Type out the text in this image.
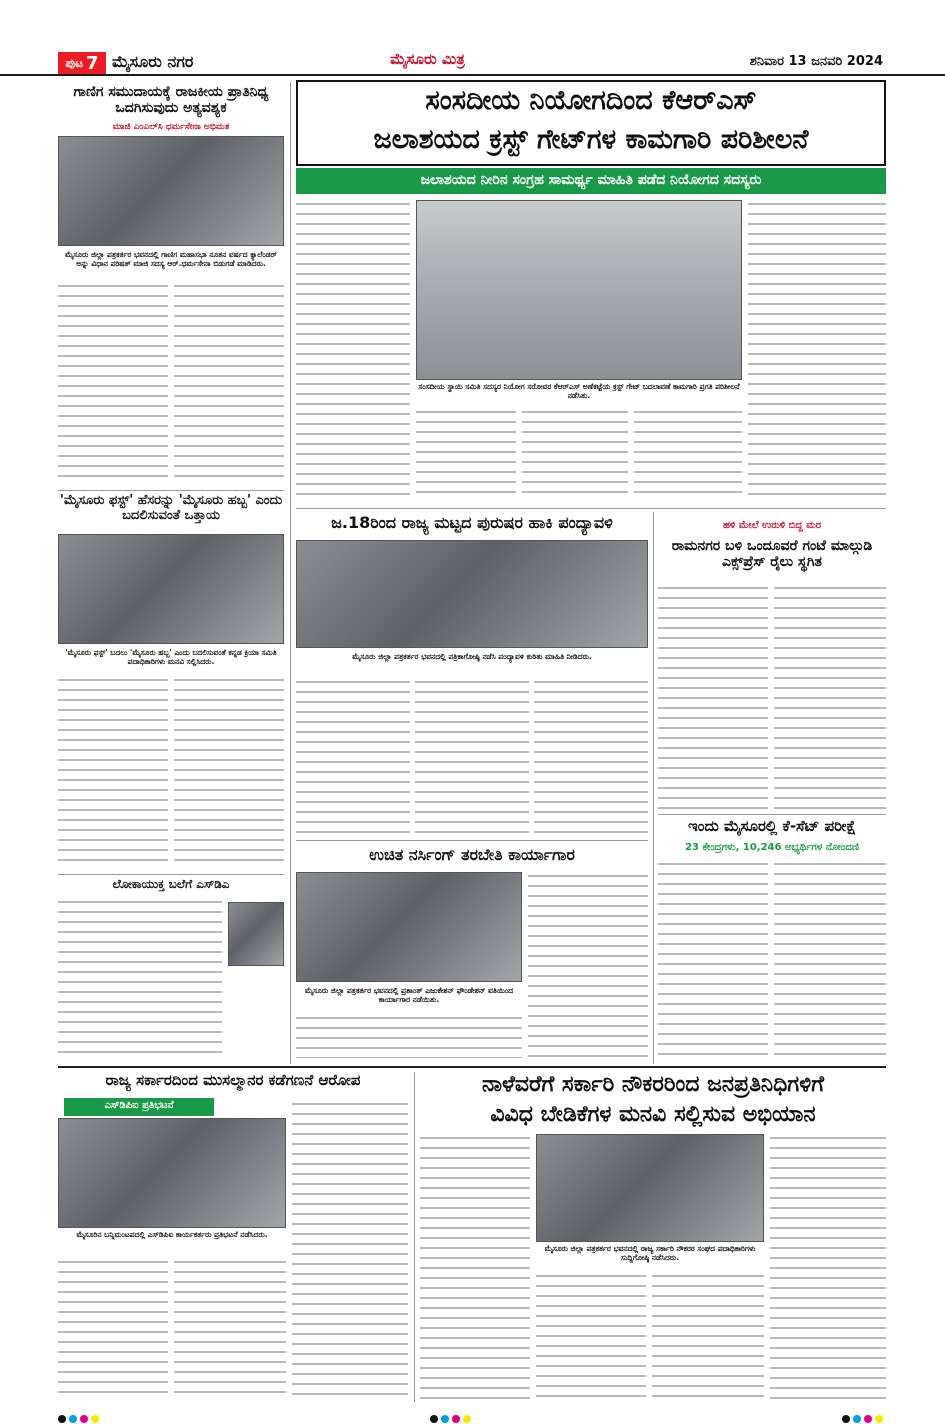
ಪುಟ 7 ಮೈಸೂರು ನಗರ	ಮೈಸೂರು ಮಿತ್ರ	ಶನಿವಾರ 13 ಜನವರಿ 2024
ಗಾಣಿಗ ಸಮುದಾಯಕ್ಕೆ ರಾಜಕೀಯ ಪ್ರಾತಿನಿಧ್ಯ ಒದಗಿಸುವುದು ಅತ್ಯವಶ್ಯಕ
ಮಾಜಿ ಎಂಎಲ್‌ಸಿ ಧರ್ಮಸೇನಾ ಅಭಿಮತ
ಮೈಸೂರು ಜಿಲ್ಲಾ ಪತ್ರಕರ್ತರ ಭವನದಲ್ಲಿ ಗಾಣಿಗ ಮಹಾಸಭಾ ನೂತನ ವರ್ಷದ ಕ್ಯಾಲೆಂಡರ್ ಅನ್ನು ವಿಧಾನ ಪರಿಷತ್ ಮಾಜಿ ಸದಸ್ಯ ಆರ್.ಧರ್ಮಸೇನಾ ಬಿಡುಗಡೆ ಮಾಡಿದರು.
'ಮೈಸೂರು ಫಸ್ಟ್' ಹೆಸರನ್ನು 'ಮೈಸೂರು ಹಬ್ಬ' ಎಂದು ಬದಲಿಸುವಂತೆ ಒತ್ತಾಯ
'ಮೈಸೂರು ಫಸ್ಟ್' ಬದಲು 'ಮೈಸೂರು ಹಬ್ಬ' ಎಂದು ಬದಲಿಸುವಂತೆ ಕನ್ನಡ ಕ್ರಿಯಾ ಸಮಿತಿ ಪದಾಧಿಕಾರಿಗಳು ಮನವಿ ಸಲ್ಲಿಸಿದರು.
ಲೋಕಾಯುಕ್ತ ಬಲೆಗೆ ಎಸ್‌ಡಿಎ
ಸಂಸದೀಯ ನಿಯೋಗದಿಂದ ಕೆಆರ್‌ಎಸ್
ಜಲಾಶಯದ ಕ್ರಸ್ಟ್ ಗೇಟ್‌ಗಳ ಕಾಮಗಾರಿ ಪರಿಶೀಲನೆ
ಜಲಾಶಯದ ನೀರಿನ ಸಂಗ್ರಹ ಸಾಮರ್ಥ್ಯ ಮಾಹಿತಿ ಪಡೆದ ನಿಯೋಗದ ಸದಸ್ಯರು
ಸಂಸದೀಯ ಸ್ಥಾಯಿ ಸಮಿತಿ ಸದಸ್ಯರ ನಿಯೋಗ ಸರೋವರ ಕೆಆರ್‌ಎಸ್ ಅಣೆಕಟ್ಟೆಯ ಕ್ರಸ್ಟ್ ಗೇಟ್ ಬದಲಾವಣೆ ಕಾಮಗಾರಿ ಪ್ರಗತಿ ಪರಿಶೀಲನೆ ನಡೆಸಿತು.
ಜ.18ರಿಂದ ರಾಜ್ಯ ಮಟ್ಟದ ಪುರುಷರ ಹಾಕಿ ಪಂದ್ಯಾವಳಿ
ಮೈಸೂರು ಜಿಲ್ಲಾ ಪತ್ರಕರ್ತರ ಭವನದಲ್ಲಿ ಪತ್ರಿಕಾಗೋಷ್ಠಿ ನಡೆಸಿ ಪಂದ್ಯಾವಳಿ ಕುರಿತು ಮಾಹಿತಿ ನೀಡಿದರು.
ಹಳಿ ಮೇಲೆ ಉರುಳಿ ಬಿದ್ದ ಮರ
ರಾಮನಗರ ಬಳಿ ಒಂದೂವರೆ ಗಂಟೆ ಮಾಲ್ಗುಡಿ ಎಕ್ಸ್‌ಪ್ರೆಸ್ ರೈಲು ಸ್ಥಗಿತ
ಇಂದು ಮೈಸೂರಲ್ಲಿ ಕೆ-ಸೆಟ್ ಪರೀಕ್ಷೆ
23 ಕೇಂದ್ರಗಳು, 10,246 ಅಭ್ಯರ್ಥಿಗಳ ನೋಂದಣಿ
ಉಚಿತ ನರ್ಸಿಂಗ್ ತರಬೇತಿ ಕಾರ್ಯಾಗಾರ
ಮೈಸೂರು ಜಿಲ್ಲಾ ಪತ್ರಕರ್ತರ ಭವನದಲ್ಲಿ ಪ್ರಶಾಂತ್ ಎಜುಕೇಶನ್ ಫೌಂಡೇಶನ್ ವತಿಯಿಂದ ಕಾರ್ಯಾಗಾರ ನಡೆಯಿತು.
ರಾಜ್ಯ ಸರ್ಕಾರದಿಂದ ಮುಸಲ್ಮಾನರ ಕಡೆಗಣನೆ ಆರೋಪ
ಎಸ್‌ಡಿಪಿಐ ಪ್ರತಿಭಟನೆ
ಮೈಸೂರಿನ ಬನ್ನಿಮಂಟಪದಲ್ಲಿ ಎಸ್‌ಡಿಪಿಐ ಕಾರ್ಯಕರ್ತರು ಪ್ರತಿಭಟನೆ ನಡೆಸಿದರು.
ನಾಳೆವರೆಗೆ ಸರ್ಕಾರಿ ನೌಕರರಿಂದ ಜನಪ್ರತಿನಿಧಿಗಳಿಗೆ
ವಿವಿಧ ಬೇಡಿಕೆಗಳ ಮನವಿ ಸಲ್ಲಿಸುವ ಅಭಿಯಾನ
ಮೈಸೂರು ಜಿಲ್ಲಾ ಪತ್ರಕರ್ತರ ಭವನದಲ್ಲಿ ರಾಜ್ಯ ಸರ್ಕಾರಿ ನೌಕರರ ಸಂಘದ ಪದಾಧಿಕಾರಿಗಳು ಸುದ್ದಿಗೋಷ್ಠಿ ನಡೆಸಿದರು.
